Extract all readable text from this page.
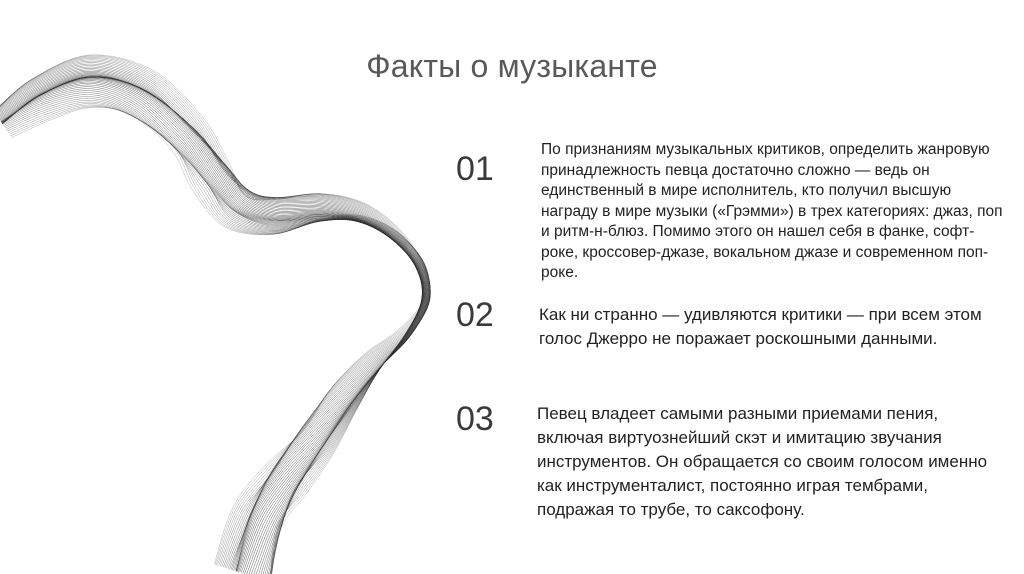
Факты о музыканте
01
По признаниям музыкальных критиков, определить жанровую принадлежность певца достаточно сложно — ведь он единственный в мире исполнитель, кто получил высшую награду в мире музыки («Грэмми») в трех категориях: джаз, поп и ритм-н-блюз. Помимо этого он нашел себя в фанке, софт-роке, кроссовер-джазе, вокальном джазе и современном поп-роке.
02	Как ни странно — удивляются критики — при всем этом голос Джерро не поражает роскошными данными.
03	Певец владеет самыми разными приемами пения, включая виртуознейший скэт и имитацию звучания инструментов. Он обращается со своим голосом именно как инструменталист, постоянно играя тембрами, подражая то трубе, то саксофону.
